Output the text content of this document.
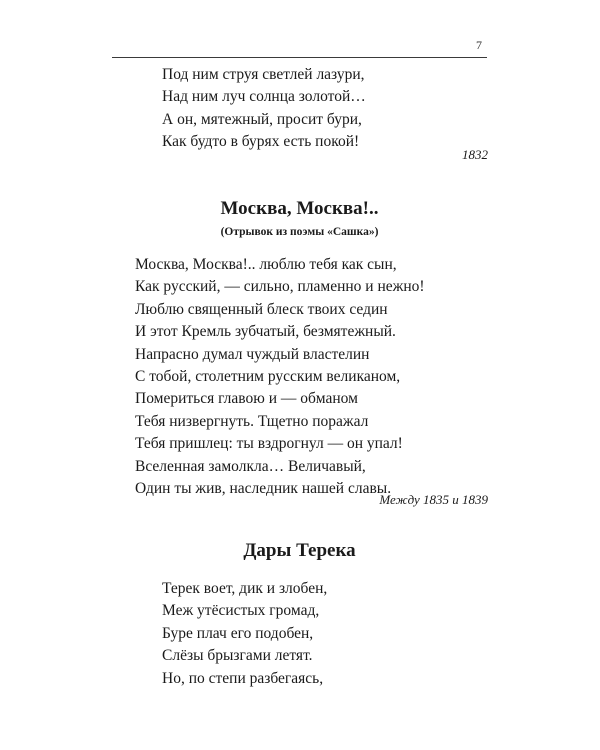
7
Под ним струя светлей лазури,
Над ним луч солнца золотой…
А он, мятежный, просит бури,
Как будто в бурях есть покой!
1832
Москва, Москва!..
(Отрывок из поэмы «Сашка»)
Москва, Москва!.. люблю тебя как сын,
Как русский, — сильно, пламенно и нежно!
Люблю священный блеск твоих седин
И этот Кремль зубчатый, безмятежный.
Напрасно думал чуждый властелин
С тобой, столетним русским великаном,
Помериться главою и — обманом
Тебя низвергнуть. Тщетно поражал
Тебя пришлец: ты вздрогнул — он упал!
Вселенная замолкла… Величавый,
Один ты жив, наследник нашей славы.
Между 1835 и 1839
Дары Терека
Терек воет, дик и злобен,
Меж утёсистых громад,
Буре плач его подобен,
Слёзы брызгами летят.
Но, по степи разбегаясь,
